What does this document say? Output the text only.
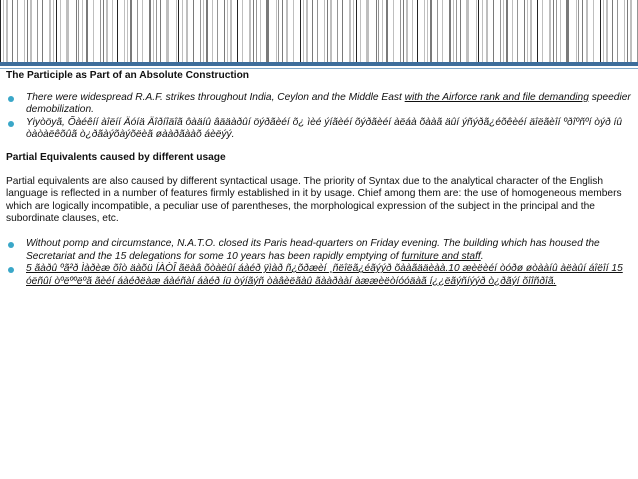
The Participle as Part of an Absolute Construction

There were widespread R.A.F. strikes throughout India, Ceylon and the Middle East with the Airforce rank and file demanding speedier demobilization.
Yiyòöyã, Õàéêíí àîëíí Äóíä Äîðíîäîã ôàäíû âääàðûí öýðãèéí õ¿ ìèé ýíãèéí õýðãèéí àëáà õààã äûí ýñýðã¿éõêèéí äîëãèîí ºðîºñºí òýð íû òàòàëêõûã ò¿ðãàýõàýõëèã øààðãààõ áèëýý.

Partial Equivalents caused by different usage

Partial equivalents are also caused by different syntactical usage. The priority of Syntax due to the analytical character of the English language is reflected in a number of features firmly established in it by usage. Chief among them are: the use of homogeneous members which are logically incompatible, a peculiar use of parentheses, the morphological expression of the subject in the principal and the subordinate clauses, etc.

Without pomp and circumstance, N.A.T.O. closed its Paris head-quarters on Friday evening. The building which has housed the Secretariat and the 15 delegations for some 10 years has been rapidly emptying of furniture and staff.
5 ãàðû ºã²ð Ìàðèæ õîò äàõü ÍÀÒÎ ãëàâ õòàëûí áàéð ÿìàð ñ¿õðæèí ¸ñëîëã¿éãýýð õààãääèàà.10 æèëèéí òóðø øòààíû àëàûí áîëîí 15 óëñûí òºëººëºã ãèéí áàéðëàæ áàéñàí áàéð íü òýíãýñ òàâèëãàû ãààðààí àææèëòíóóäàã í¿¿ëãýñíýýð ò¿ðãýí õîîñðîã.
